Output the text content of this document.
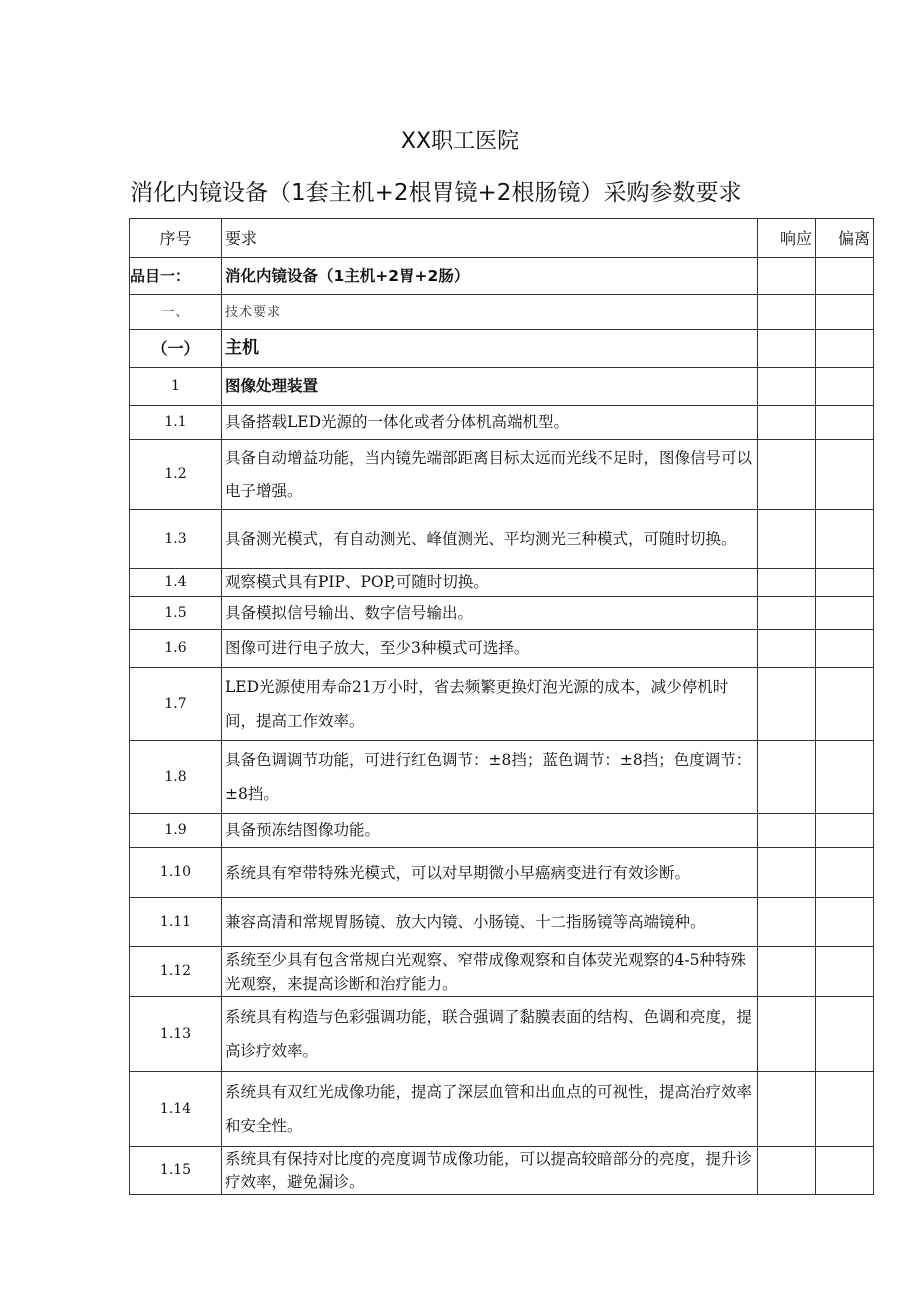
XX职工医院
消化内镜设备（1套主机+2根胃镜+2根肠镜）采购参数要求
序号	要求	响应	偏离
品目一：	消化内镜设备（1主机+2胃+2肠）		
一、	技术要求		
（一）	主机		
1	图像处理装置		
1.1	具备搭载LED光源的一体化或者分体机高端机型。		
1.2	具备自动增益功能，当内镜先端部距离目标太远而光线不足时，图像信号可以电子增强。		
1.3	具备测光模式，有自动测光、峰值测光、平均测光三种模式，可随时切换。		
1.4	观察模式具有PIP、POP,可随时切换。		
1.5	具备模拟信号输出、数字信号输出。		
1.6	图像可进行电子放大，至少3种模式可选择。		
1.7	LED光源使用寿命21万小时，省去频繁更换灯泡光源的成本，减少停机时间，提高工作效率。		
1.8	具备色调调节功能，可进行红色调节：±8挡；蓝色调节：±8挡；色度调节：±8挡。		
1.9	具备预冻结图像功能。		
1.10	系统具有窄带特殊光模式，可以对早期微小早癌病变进行有效诊断。		
1.11	兼容高清和常规胃肠镜、放大内镜、小肠镜、十二指肠镜等高端镜种。		
1.12	系统至少具有包含常规白光观察、窄带成像观察和自体荧光观察的4-5种特殊光观察，来提高诊断和治疗能力。		
1.13	系统具有构造与色彩强调功能，联合强调了黏膜表面的结构、色调和亮度，提高诊疗效率。		
1.14	系统具有双红光成像功能，提高了深层血管和出血点的可视性，提高治疗效率和安全性。		
1.15	系统具有保持对比度的亮度调节成像功能，可以提高较暗部分的亮度，提升诊疗效率，避免漏诊。		
